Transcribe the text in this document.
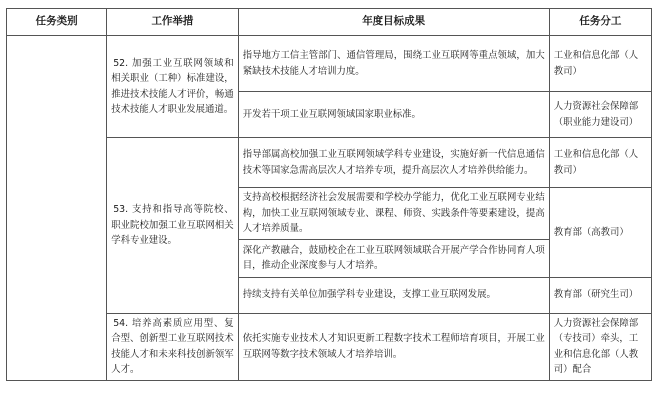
任务类别	工作举措	年度目标成果	任务分工
	52. 加强工业互联网领域和相关职业（工种）标准建设，推进技术技能人才评价，畅通技术技能人才职业发展通道。	指导地方工信主管部门、通信管理局，围绕工业互联网等重点领域，加大紧缺技术技能人才培训力度。	工业和信息化部（人教司）
		开发若干项工业互联网领域国家职业标准。	人力资源社会保障部（职业能力建设司）
	53. 支持和指导高等院校、职业院校加强工业互联网相关学科专业建设。	指导部属高校加强工业互联网领域学科专业建设，实施好新一代信息通信技术等国家急需高层次人才培养专项，提升高层次人才培养供给能力。	工业和信息化部（人教司）
		支持高校根据经济社会发展需要和学校办学能力，优化工业互联网专业结构，加快工业互联网领域专业、课程、师资、实践条件等要素建设，提高人才培养质量。	教育部（高教司）
		深化产教融合，鼓励校企在工业互联网领域联合开展产学合作协同育人项目，推动企业深度参与人才培养。	
		持续支持有关单位加强学科专业建设，支撑工业互联网发展。	教育部（研究生司）
	54. 培养高素质应用型、复合型、创新型工业互联网技术技能人才和未来科技创新领军人才。	依托实施专业技术人才知识更新工程数字技术工程师培育项目，开展工业互联网等数字技术领域人才培养培训。	人力资源社会保障部（专技司）牵头，工业和信息化部（人教司）配合
